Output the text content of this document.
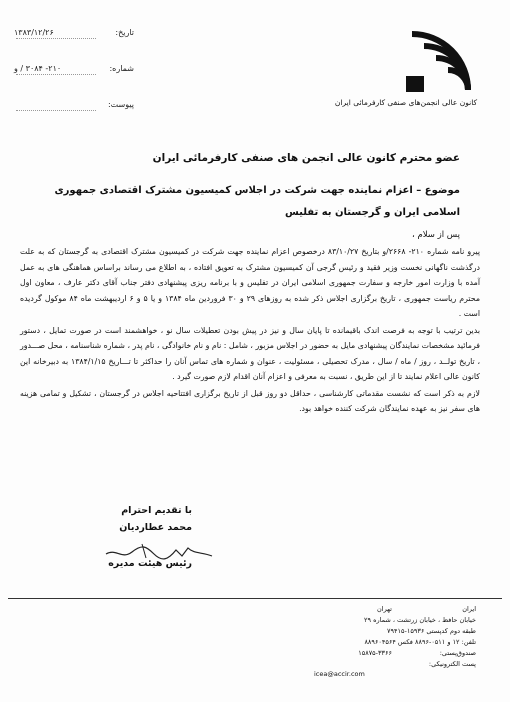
تاریخ:
۱۳۸۳/۱۲/۲۶
شماره:
۲۱۰- ۳۰۸۴ / و
پیوست:	کانون عالی انجمن‌های صنفی کارفرمائی ایران
عضو محترم کانون عالی انجمن های صنفی کارفرمائی ایران
موضوع – اعزام نماینده جهت شرکت در اجلاس کمیسیون مشترک اقتصادی جمهوری اسلامی ایران و گرجستان به تفلیس
پس از سلام ،

پیرو نامه شماره ۲۱۰- ۲۶۶۸/و بتاریخ ۸۳/۱۰/۲۷ درخصوص اعزام نماینده جهت شرکت در کمیسیون مشترک اقتصادی به گرجستان که به علت درگذشت ناگهانی نخست وزیر فقید و رئیس گرجی آن کمیسیون مشترک به تعویق افتاده ، به اطلاع می رساند براساس هماهنگی های به عمل آمده با وزارت امور خارجه و سفارت جمهوری اسلامی ایران در تفلیس و با برنامه ریزی پیشنهادی دفتر جناب آقای دکتر عارف ، معاون اول محترم ریاست جمهوری ، تاریخ برگزاری اجلاس ذکر شده به روزهای ۲۹ و ۳۰ فروردین ماه ۱۳۸۴ و یا ۵ و ۶ اردیبهشت ماه ۸۴ موکول گردیده است .

بدین ترتیب با توجه به فرصت اندک باقیمانده تا پایان سال و نیز در پیش بودن تعطیلات سال نو ، خواهشمند است در صورت تمایل ، دستور فرمائید مشخصات نمایندگان پیشنهادی مایل به حضور در اجلاس مزبور ، شامل : نام و نام خانوادگی ، نام پدر ، شماره شناسنامه ، محل صـــدور ، تاریخ تولــد ، روز / ماه / سال ، مدرک تحصیلی ، مسئولیت ، عنوان و شماره های تماس آنان را حداکثر تا تـــاریخ ۱۳۸۴/۱/۱۵ به دبیرخانه این کانون عالی اعلام نمایند تا از این طریق ، نسبت به معرفی و اعزام آنان اقدام لازم صورت گیرد .

لازم به ذکر است که نشست مقدماتی کارشناسی ، حداقل دو روز قبل از تاریخ برگزاری افتتاحیه اجلاس در گرجستان ، تشکیل و تمامی هزینه های سفر نیز به عهده نمایندگان شرکت کننده خواهد بود.

با تقدیم احترام
محمد عطاردیان
رئیس هیئت مدیره
ایران
خیابان حافظ ، خیابان زرتشت ، شماره ۲۹
طبقه دوم کدپستی ۱۵۹۳۶-۷۹۴۱۵
تلفن: ۱۲ و ۰۵۱۱-۸۸۹۶ فکس ۸۸۹۶۰۴۵۶۴
صندوق‌پستی:
پست الکترونیکی:
تهران

۱۵۸۷۵-۳۳۶۶
icea@accir.com
